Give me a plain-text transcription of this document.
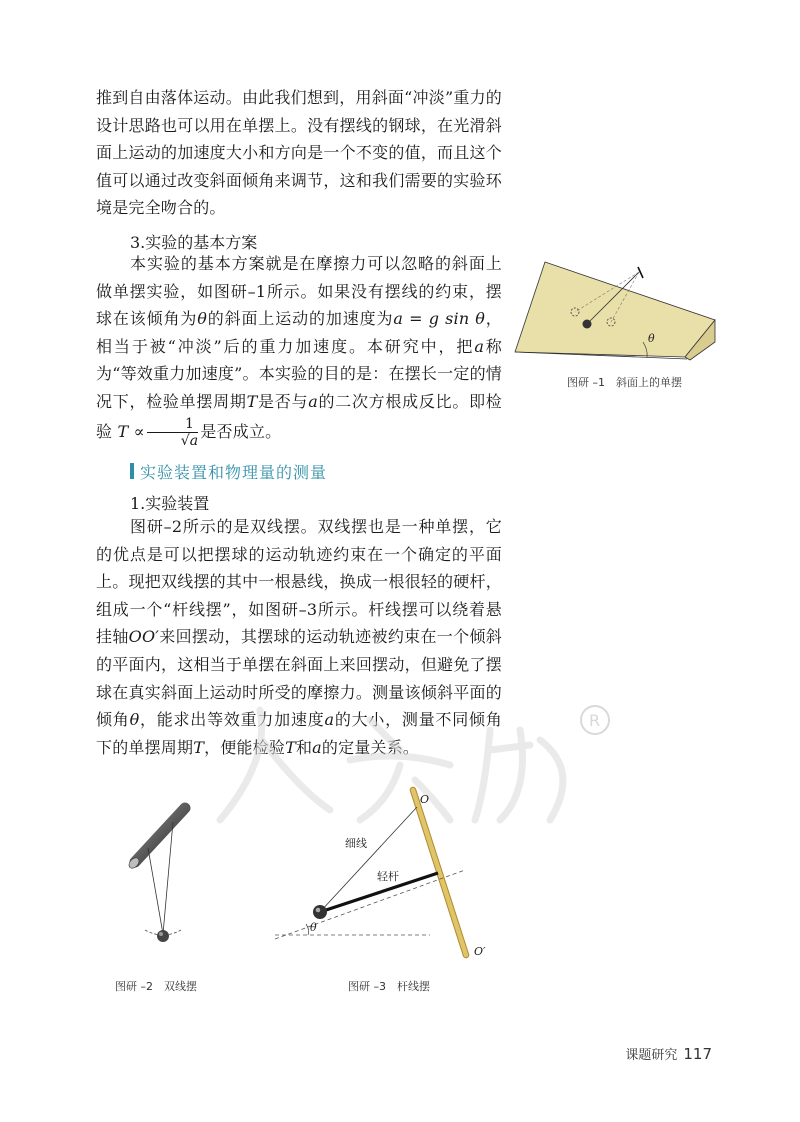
推到自由落体运动。由此我们想到，用斜面“冲淡”重力的设计思路也可以用在单摆上。没有摆线的钢球，在光滑斜面上运动的加速度大小和方向是一个不变的值，而且这个值可以通过改变斜面倾角来调节，这和我们需要的实验环境是完全吻合的。

3.实验的基本方案

本实验的基本方案就是在摩擦力可以忽略的斜面上做单摆实验，如图研–1所示。如果没有摆线的约束，摆球在该倾角为θ的斜面上运动的加速度为a = g sin θ，相当于被“冲淡”后的重力加速度。本研究中，把a称为“等效重力加速度”。本实验的目的是：在摆长一定的情况下，检验单摆周期T是否与a的二次方根成反比。即检验 $T \propto \frac{1}{√a}$ 是否成立。

实验装置和物理量的测量
1.实验装置

图研–2所示的是双线摆。双线摆也是一种单摆，它的优点是可以把摆球的运动轨迹约束在一个确定的平面上。现把双线摆的其中一根悬线，换成一根很轻的硬杆，组成一个“杆线摆”，如图研–3所示。杆线摆可以绕着悬挂轴OO′来回摆动，其摆球的运动轨迹被约束在一个倾斜的平面内，这相当于单摆在斜面上来回摆动，但避免了摆球在真实斜面上运动时所受的摩擦力。测量该倾斜平面的倾角θ，能求出等效重力加速度a的大小，测量不同倾角下的单摆周期T，便能检验T和a的定量关系。

R
θ
图研 –1　斜面上的单摆
图研 –2　双线摆
细线
轻杆
O
O′
θ
图研 –3　杆线摆
课题研究 117
